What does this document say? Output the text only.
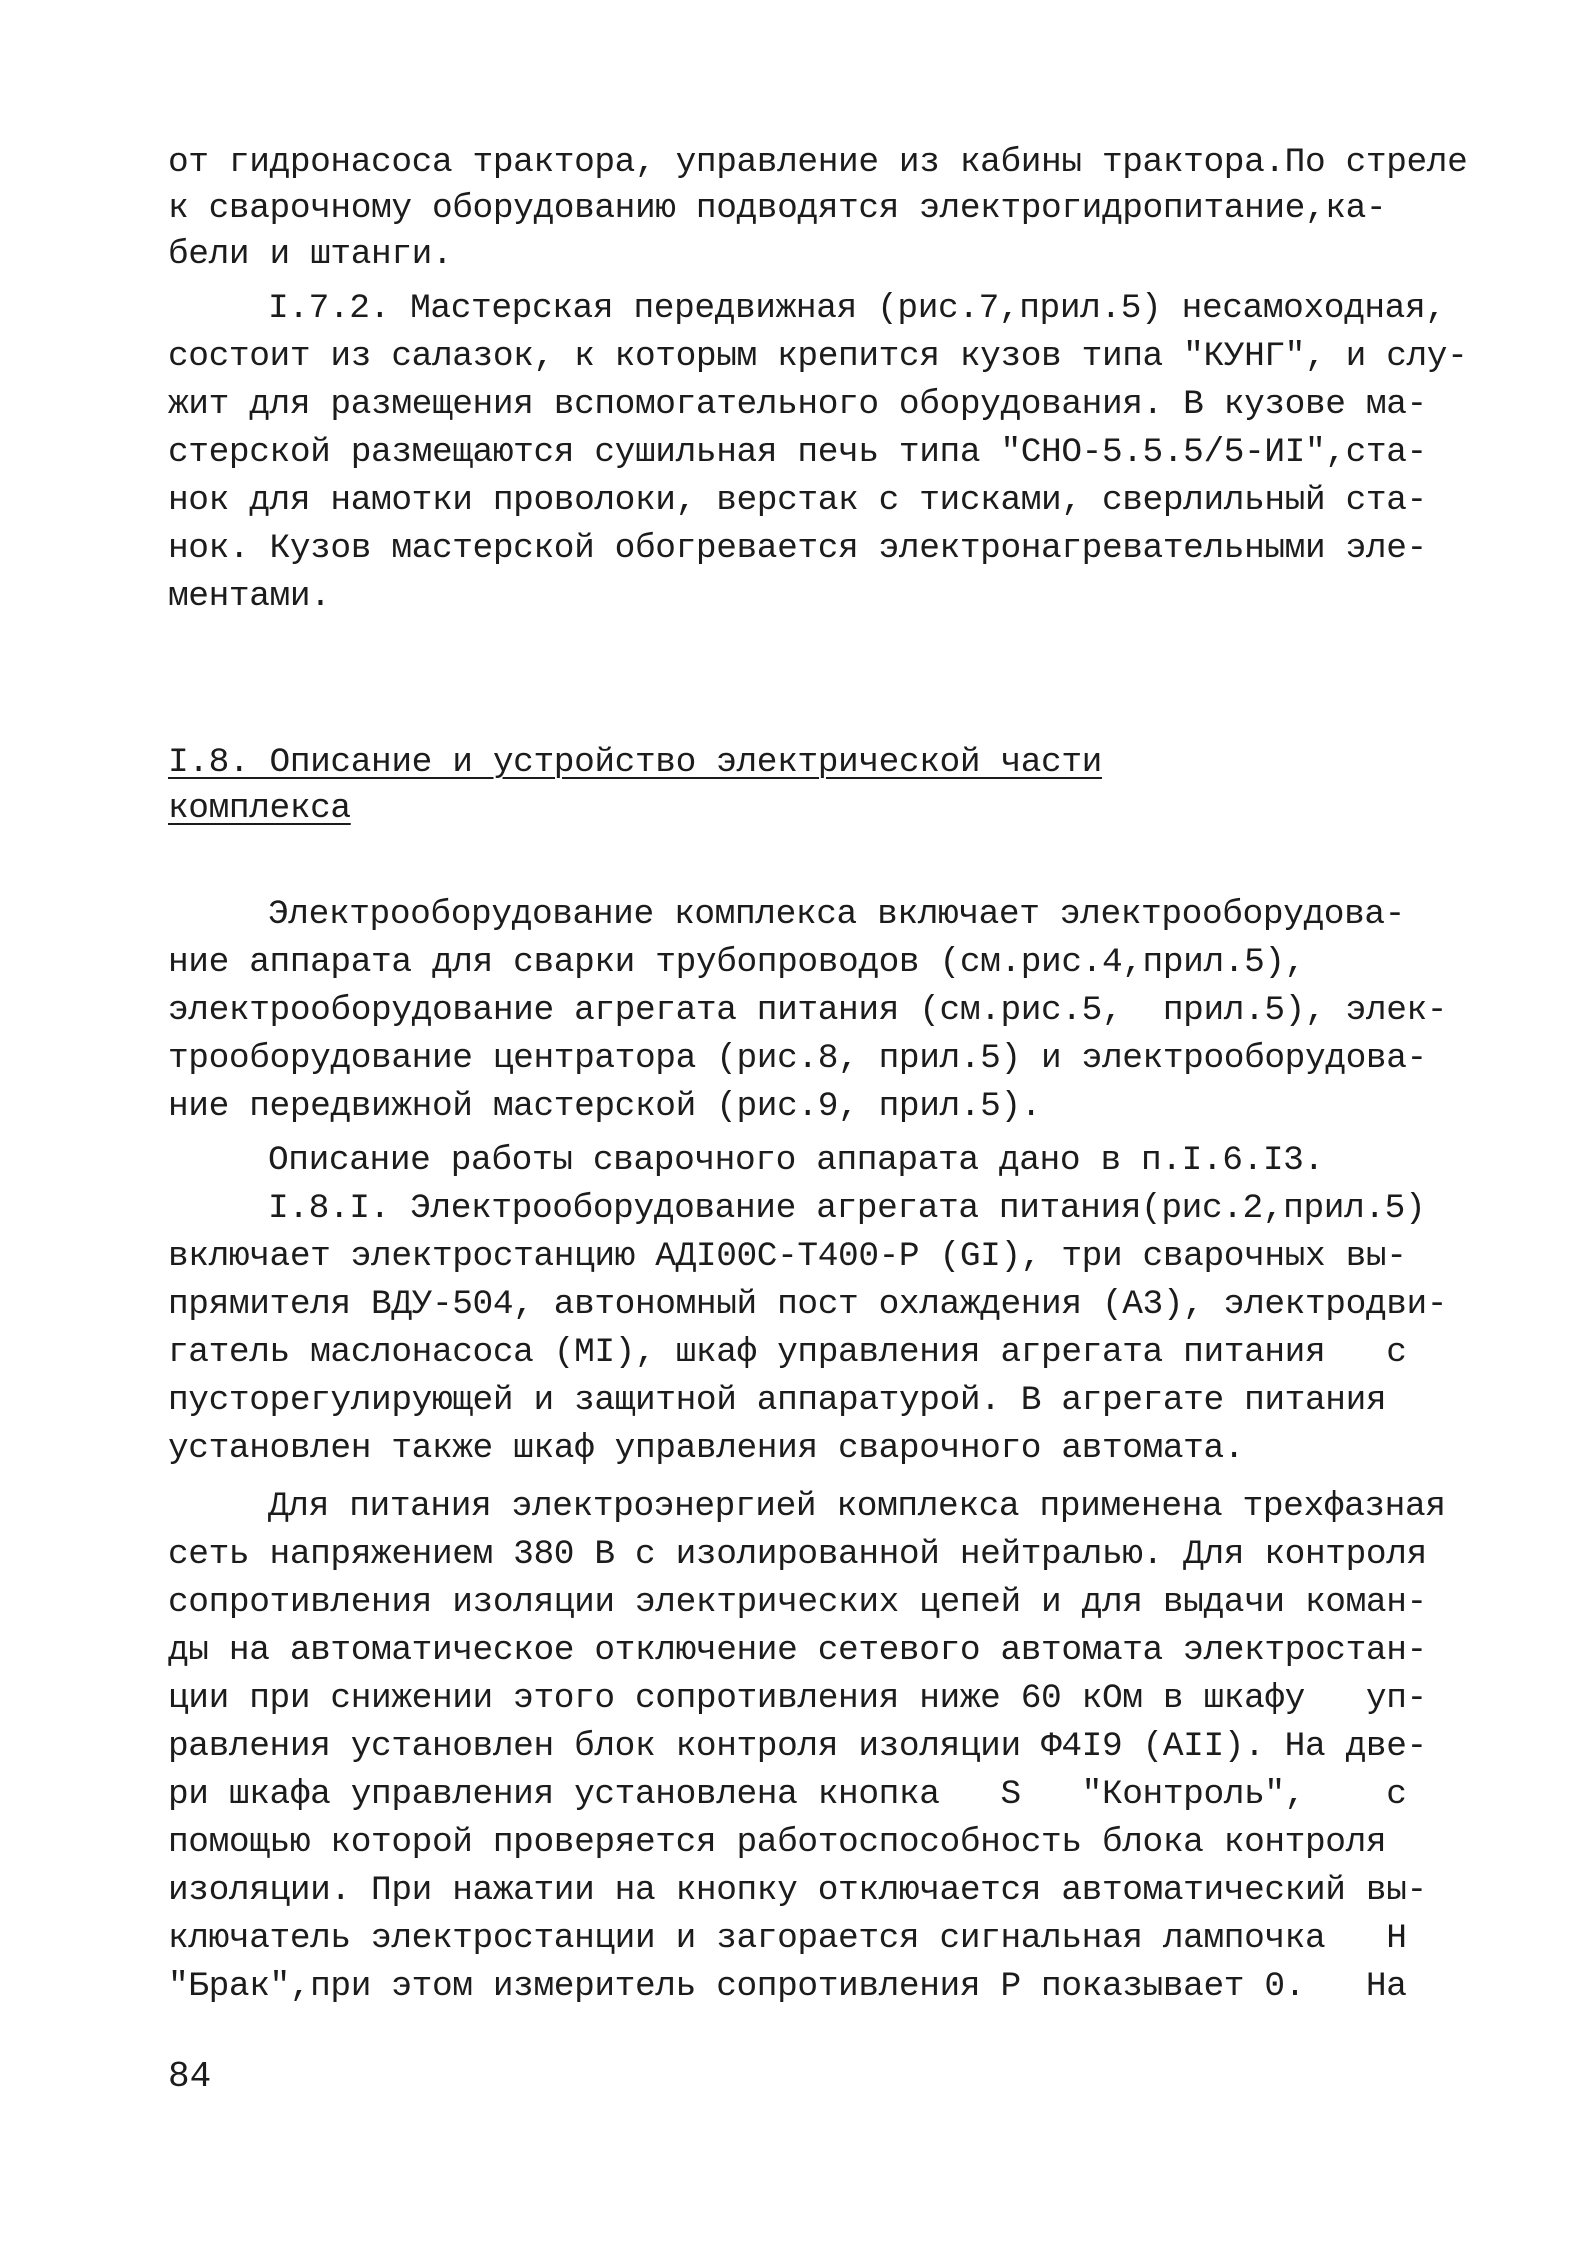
от гидронасоса трактора, управление из кабины трактора.По стреле
к сварочному оборудованию подводятся электрогидропитание,ка-
бели и штанги.
I.7.2. Мастерская передвижная (рис.7,прил.5) несамоходная,
состоит из салазок, к которым крепится кузов типа "КУНГ", и слу-
жит для размещения вспомогательного оборудования. В кузове ма-
стерской размещаются сушильная печь типа "СНО-5.5.5/5-ИI",ста-
нок для намотки проволоки, верстак с тисками, сверлильный ста-
нок. Кузов мастерской обогревается электронагревательными эле-
ментами.
I.8. Описание и устройство электрической части
комплекса
Электрооборудование комплекса включает электрооборудова-
ние аппарата для сварки трубопроводов (см.рис.4,прил.5),
электрооборудование агрегата питания (см.рис.5,  прил.5), элек-
трооборудование центратора (рис.8, прил.5) и электрооборудова-
ние передвижной мастерской (рис.9, прил.5).
Описание работы сварочного аппарата дано в п.I.6.I3.
I.8.I. Электрооборудование агрегата питания(рис.2,прил.5)
включает электростанцию АДI00С-Т400-Р (GI), три сварочных вы-
прямителя ВДУ-504, автономный пост охлаждения (А3), электродви-
гатель маслонасоса (МI), шкаф управления агрегата питания   с
пусторегулирующей и защитной аппаратурой. В агрегате питания
установлен также шкаф управления сварочного автомата.
Для питания электроэнергией комплекса применена трехфазная
сеть напряжением 380 В с изолированной нейтралью. Для контроля
сопротивления изоляции электрических цепей и для выдачи коман-
ды на автоматическое отключение сетевого автомата электростан-
ции при снижении этого сопротивления ниже 60 кОм в шкафу   уп-
равления установлен блок контроля изоляции Ф4I9 (АII). На две-
ри шкафа управления установлена кнопка   S   "Контроль",    с
помощью которой проверяется работоспособность блока контроля
изоляции. При нажатии на кнопку отключается автоматический вы-
ключатель электростанции и загорается сигнальная лампочка   Н
"Брак",при этом измеритель сопротивления Р показывает 0.   На
84
